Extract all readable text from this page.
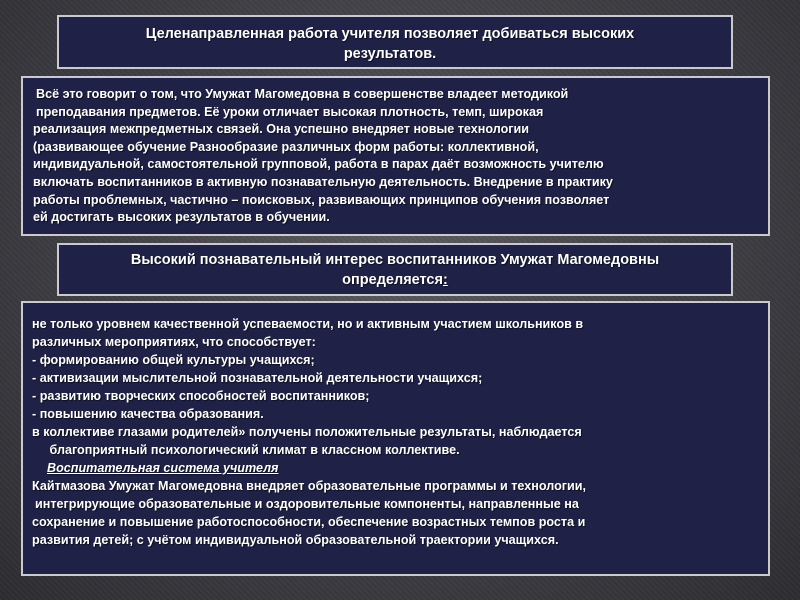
Целенаправленная работа учителя позволяет добиваться высоких
результатов.

Всё это говорит о том, что Умужат Магомедовна в совершенстве владеет методикой

преподавания предметов. Её уроки отличает высокая плотность, темп, широкая

реализация межпредметных связей. Она успешно внедряет новые технологии

(развивающее обучение Разнообразие различных форм работы: коллективной,

индивидуальной, самостоятельной групповой, работа в парах даёт возможность учителю

включать воспитанников в активную познавательную деятельность. Внедрение в практику

работы проблемных, частично – поисковых, развивающих принципов обучения позволяет

ей достигать высоких результатов в обучении.

Высокий познавательный интерес воспитанников Умужат Магомедовны
определяется:

не только уровнем качественной успеваемости, но и активным участием школьников в

различных мероприятиях, что способствует:

- формированию общей культуры учащихся;

- активизации мыслительной познавательной деятельности учащихся;

- развитию творческих способностей воспитанников;

- повышению качества образования.

в коллективе глазами родителей» получены положительные результаты, наблюдается

благоприятный психологический климат в классном коллективе.

Воспитательная система учителя

Кайтмазова Умужат Магомедовна внедряет образовательные программы и технологии,

интегрирующие образовательные и оздоровительные компоненты, направленные на

сохранение и повышение работоспособности, обеспечение возрастных темпов роста и

развития детей; с учётом индивидуальной образовательной траектории учащихся.
